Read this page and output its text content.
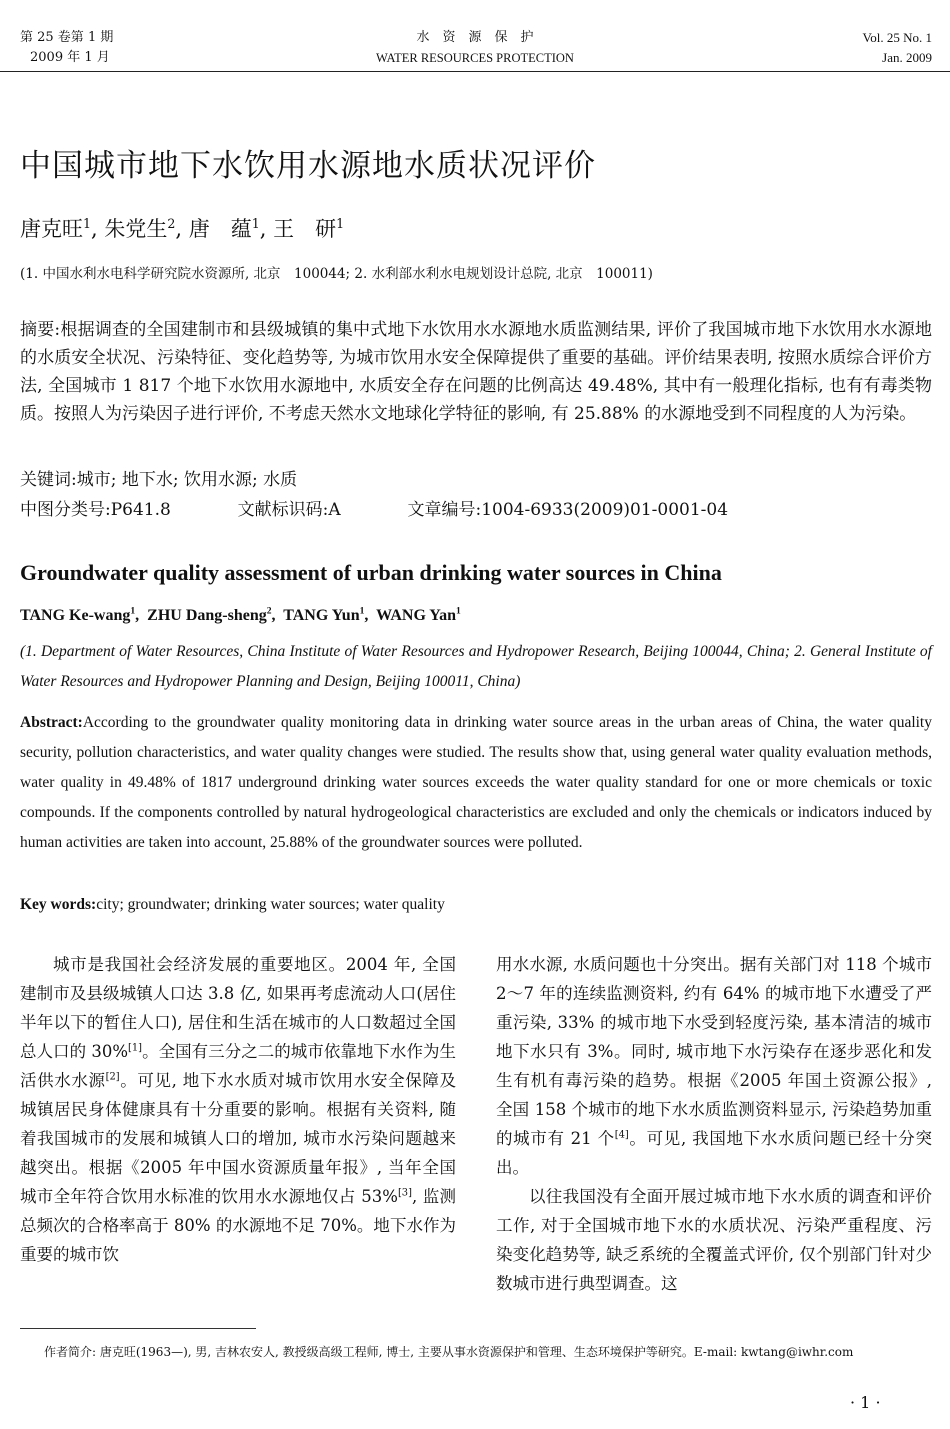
第 25 卷第 1 期
2009 年 1 月
水　资　源　保　护
WATER RESOURCES PROTECTION
Vol. 25 No. 1
Jan. 2009
中国城市地下水饮用水源地水质状况评价
唐克旺$^1$, 朱党生$^2$, 唐　蕴$^1$, 王　研$^1$
(1. 中国水利水电科学研究院水资源所, 北京　100044; 2. 水利部水利水电规划设计总院, 北京　100011)
摘要:根据调查的全国建制市和县级城镇的集中式地下水饮用水水源地水质监测结果, 评价了我国城市地下水饮用水水源地的水质安全状况、污染特征、变化趋势等, 为城市饮用水安全保障提供了重要的基础。评价结果表明, 按照水质综合评价方法, 全国城市 1 817 个地下水饮用水源地中, 水质安全存在问题的比例高达 49.48%, 其中有一般理化指标, 也有有毒类物质。按照人为污染因子进行评价, 不考虑天然水文地球化学特征的影响, 有 25.88% 的水源地受到不同程度的人为污染。
关键词:城市; 地下水; 饮用水源; 水质
中图分类号:P641.8	文献标识码:A	文章编号:1004-6933(2009)01-0001-04
Groundwater quality assessment of urban drinking water sources in China
TANG Ke-wang$^1$,  ZHU Dang-sheng$^2$,  TANG Yun$^1$,  WANG Yan$^1$
(1. Department of Water Resources, China Institute of Water Resources and Hydropower Research, Beijing 100044, China; 2. General Institute of Water Resources and Hydropower Planning and Design, Beijing 100011, China)
Abstract:According to the groundwater quality monitoring data in drinking water source areas in the urban areas of China, the water quality security, pollution characteristics, and water quality changes were studied. The results show that, using general water quality evaluation methods, water quality in 49.48% of 1817 underground drinking water sources exceeds the water quality standard for one or more chemicals or toxic compounds. If the components controlled by natural hydrogeological characteristics are excluded and only the chemicals or indicators induced by human activities are taken into account, 25.88% of the groundwater sources were polluted.
Key words:city; groundwater; drinking water sources; water quality

城市是我国社会经济发展的重要地区。2004 年, 全国建制市及县级城镇人口达 3.8 亿, 如果再考虑流动人口(居住半年以下的暂住人口), 居住和生活在城市的人口数超过全国总人口的 30%[1]。全国有三分之二的城市依靠地下水作为生活供水水源[2]。可见, 地下水水质对城市饮用水安全保障及城镇居民身体健康具有十分重要的影响。根据有关资料, 随着我国城市的发展和城镇人口的增加, 城市水污染问题越来越突出。根据《2005 年中国水资源质量年报》, 当年全国城市全年符合饮用水标准的饮用水水源地仅占 53%[3], 监测总频次的合格率高于 80% 的水源地不足 70%。地下水作为重要的城市饮

用水水源, 水质问题也十分突出。据有关部门对 118 个城市 2～7 年的连续监测资料, 约有 64% 的城市地下水遭受了严重污染, 33% 的城市地下水受到轻度污染, 基本清洁的城市地下水只有 3%。同时, 城市地下水污染存在逐步恶化和发生有机有毒污染的趋势。根据《2005 年国土资源公报》, 全国 158 个城市的地下水水质监测资料显示, 污染趋势加重的城市有 21 个[4]。可见, 我国地下水水质问题已经十分突出。

以往我国没有全面开展过城市地下水水质的调查和评价工作, 对于全国城市地下水的水质状况、污染严重程度、污染变化趋势等, 缺乏系统的全覆盖式评价, 仅个别部门针对少数城市进行典型调查。这

作者简介: 唐克旺(1963—), 男, 吉林农安人, 教授级高级工程师, 博士, 主要从事水资源保护和管理、生态环境保护等研究。E-mail: kwtang@iwhr.com
· 1 ·
